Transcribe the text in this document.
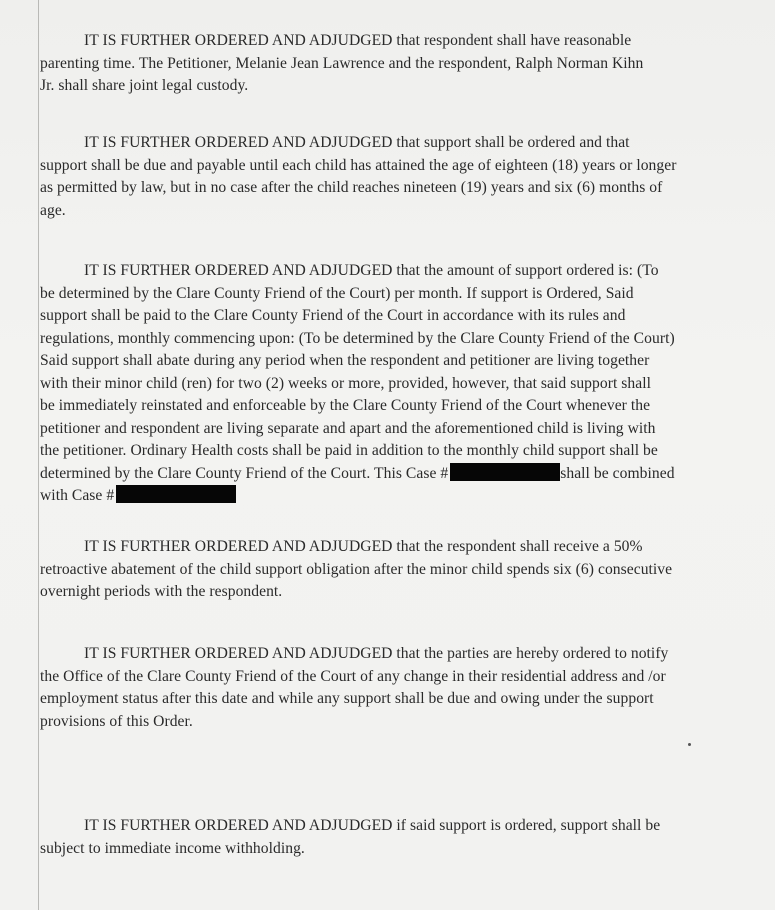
IT IS FURTHER ORDERED AND ADJUDGED that respondent shall have reasonable
parenting time. The Petitioner, Melanie Jean Lawrence and the respondent, Ralph Norman Kihn
Jr. shall share joint legal custody.
IT IS FURTHER ORDERED AND ADJUDGED that support shall be ordered and that
support shall be due and payable until each child has attained the age of eighteen (18) years or longer
as permitted by law, but in no case after the child reaches nineteen (19) years and six (6) months of
age.
IT IS FURTHER ORDERED AND ADJUDGED that the amount of support ordered is: (To
be determined by the Clare County Friend of the Court) per month. If support is Ordered, Said
support shall be paid to the Clare County Friend of the Court in accordance with its rules and
regulations, monthly commencing upon: (To be determined by the Clare County Friend of the Court)
Said support shall abate during any period when the respondent and petitioner are living together
with their minor child (ren) for two (2) weeks or more, provided, however, that said support shall
be immediately reinstated and enforceable by the Clare County Friend of the Court whenever the
petitioner and respondent are living separate and apart and the aforementioned child is living with
the petitioner. Ordinary Health costs shall be paid in addition to the monthly child support shall be
determined by the Clare County Friend of the Court. This Case #	shall be combined
with Case #
IT IS FURTHER ORDERED AND ADJUDGED that the respondent shall receive a 50%
retroactive abatement of the child support obligation after the minor child spends six (6) consecutive
overnight periods with the respondent.
IT IS FURTHER ORDERED AND ADJUDGED that the parties are hereby ordered to notify
the Office of the Clare County Friend of the Court of any change in their residential address and /or
employment status after this date and while any support shall be due and owing under the support
provisions of this Order.
IT IS FURTHER ORDERED AND ADJUDGED if said support is ordered, support shall be
subject to immediate income withholding.
